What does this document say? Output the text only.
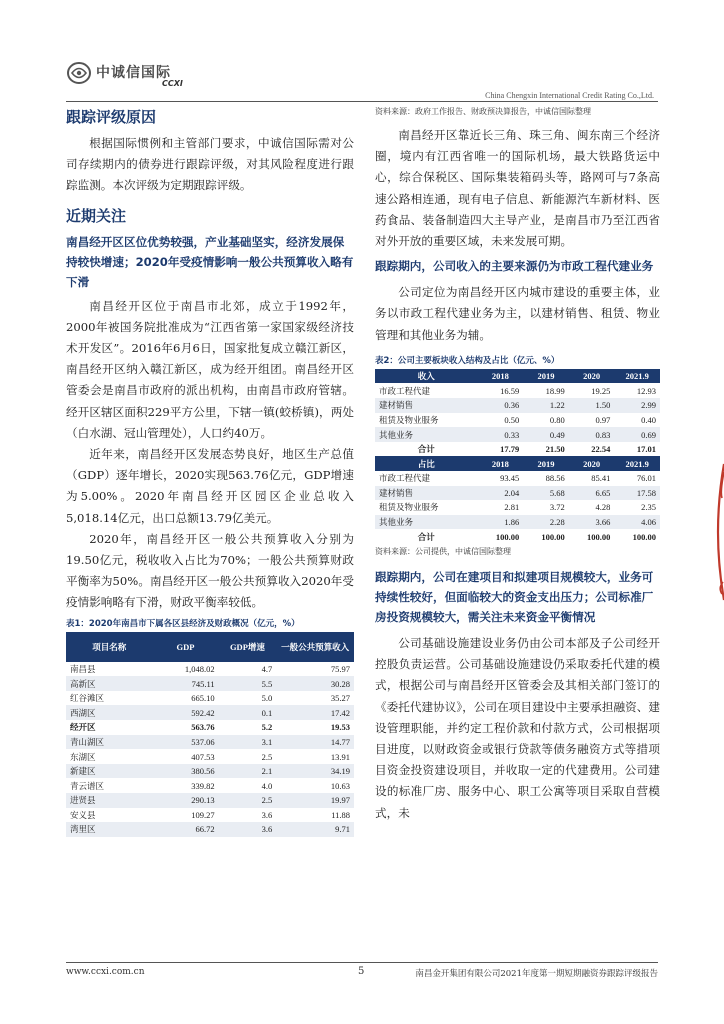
中诚信国际
CCXI
China Chengxin International Credit Rating Co.,Ltd.
跟踪评级原因
根据国际惯例和主管部门要求，中诚信国际需对公司存续期内的债券进行跟踪评级，对其风险程度进行跟踪监测。本次评级为定期跟踪评级。
近期关注
南昌经开区区位优势较强，产业基础坚实，经济发展保持较快增速；2020年受疫情影响一般公共预算收入略有下滑
南昌经开区位于南昌市北郊，成立于1992年，2000年被国务院批准成为“江西省第一家国家级经济技术开发区”。2016年6月6日，国家批复成立赣江新区，南昌经开区纳入赣江新区，成为经开组团。南昌经开区管委会是南昌市政府的派出机构，由南昌市政府管辖。经开区辖区面积229平方公里，下辖一镇(蛟桥镇)，两处（白水湖、冠山管理处），人口约40万。
近年来，南昌经开区发展态势良好，地区生产总值（GDP）逐年增长，2020实现563.76亿元，GDP增速为5.00%。2020年南昌经开区园区企业总收入5,018.14亿元，出口总额13.79亿美元。
2020年，南昌经开区一般公共预算收入分别为19.50亿元，税收收入占比为70%；一般公共预算财政平衡率为50%。南昌经开区一般公共预算收入2020年受疫情影响略有下滑，财政平衡率较低。
表1：2020年南昌市下属各区县经济及财政概况（亿元，%）
项目名称	GDP	GDP增速	一般公共预算收入
南昌县	1,048.02	4.7	75.97
高新区	745.11	5.5	30.28
红谷滩区	665.10	5.0	35.27
西湖区	592.42	0.1	17.42
经开区	563.76	5.2	19.53
青山湖区	537.06	3.1	14.77
东湖区	407.53	2.5	13.91
新建区	380.56	2.1	34.19
青云谱区	339.82	4.0	10.63
进贤县	290.13	2.5	19.97
安义县	109.27	3.6	11.88
湾里区	66.72	3.6	9.71
资料来源：政府工作报告、财政预决算报告，中诚信国际整理
南昌经开区靠近长三角、珠三角、闽东南三个经济圈，境内有江西省唯一的国际机场，最大铁路货运中心，综合保税区、国际集装箱码头等，路网可与7条高速公路相连通，现有电子信息、新能源汽车新材料、医药食品、装备制造四大主导产业，是南昌市乃至江西省对外开放的重要区域，未来发展可期。
跟踪期内，公司收入的主要来源仍为市政工程代建业务
公司定位为南昌经开区内城市建设的重要主体，业务以市政工程代建业务为主，以建材销售、租赁、物业管理和其他业务为辅。
表2：公司主要板块收入结构及占比（亿元、%）
收入	2018	2019	2020	2021.9
市政工程代建	16.59	18.99	19.25	12.93
建材销售	0.36	1.22	1.50	2.99
租赁及物业服务	0.50	0.80	0.97	0.40
其他业务	0.33	0.49	0.83	0.69
合计	17.79	21.50	22.54	17.01
占比	2018	2019	2020	2021.9
市政工程代建	93.45	88.56	85.41	76.01
建材销售	2.04	5.68	6.65	17.58
租赁及物业服务	2.81	3.72	4.28	2.35
其他业务	1.86	2.28	3.66	4.06
合计	100.00	100.00	100.00	100.00
资料来源：公司提供，中诚信国际整理
跟踪期内，公司在建项目和拟建项目规模较大，业务可持续性较好，但面临较大的资金支出压力；公司标准厂房投资规模较大，需关注未来资金平衡情况
公司基础设施建设业务仍由公司本部及子公司经开控股负责运营。公司基础设施建设仍采取委托代建的模式，根据公司与南昌经开区管委会及其相关部门签订的《委托代建协议》，公司在项目建设中主要承担融资、建设管理职能，并约定工程价款和付款方式，公司根据项目进度，以财政资金或银行贷款等债务融资方式等措项目资金投资建设项目，并收取一定的代建费用。公司建设的标准厂房、服务中心、职工公寓等项目采取自营模式，未
www.ccxi.com.cn	5	南昌金开集团有限公司2021年度第一期短期融资券跟踪评级报告
